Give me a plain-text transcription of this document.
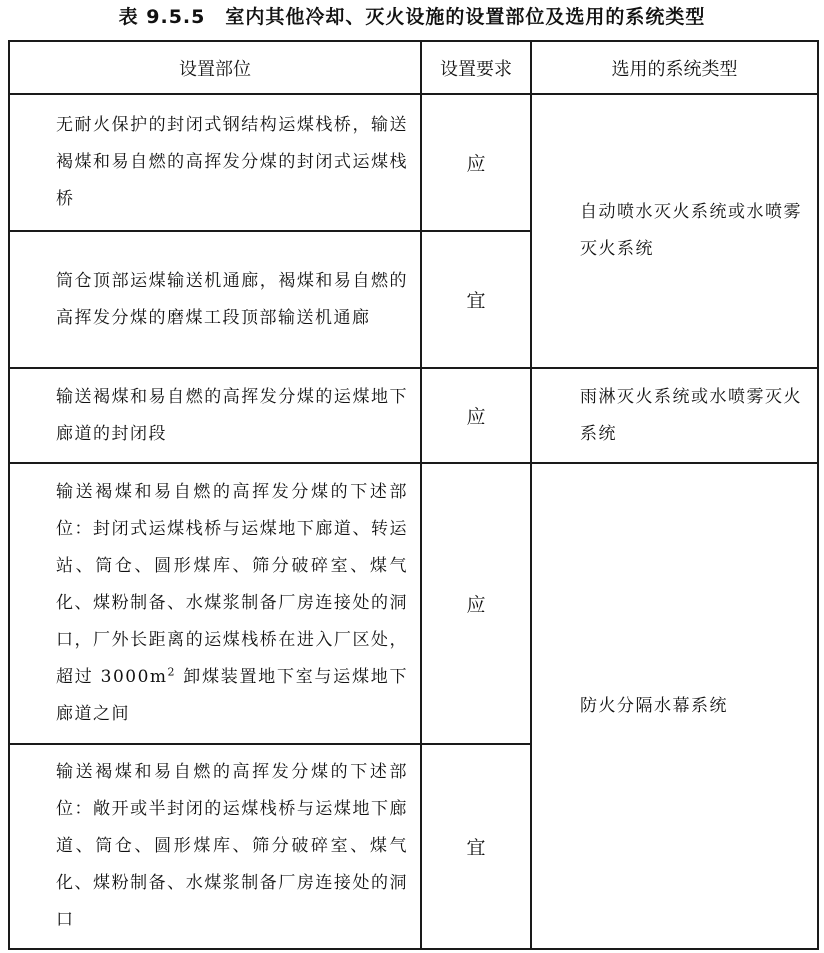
表 9.5.5　室内其他冷却、灭火设施的设置部位及选用的系统类型
设置部位	设置要求	选用的系统类型

无耐火保护的封闭式钢结构运煤栈桥，输送褐煤和易自燃的高挥发分煤的封闭式运煤栈桥	应	自动喷水灭火系统或水喷雾灭火系统

筒仓顶部运煤输送机通廊，褐煤和易自燃的高挥发分煤的磨煤工段顶部输送机通廊	宜	

输送褐煤和易自燃的高挥发分煤的运煤地下廊道的封闭段	应	雨淋灭火系统或水喷雾灭火系统

输送褐煤和易自燃的高挥发分煤的下述部位：封闭式运煤栈桥与运煤地下廊道、转运站、筒仓、圆形煤库、筛分破碎室、煤气化、煤粉制备、水煤浆制备厂房连接处的洞口，厂外长距离的运煤栈桥在进入厂区处，超过 $3000m^2$ 卸煤装置地下室与运煤地下廊道之间	应	防火分隔水幕系统

输送褐煤和易自燃的高挥发分煤的下述部位：敞开或半封闭的运煤栈桥与运煤地下廊道、筒仓、圆形煤库、筛分破碎室、煤气化、煤粉制备、水煤浆制备厂房连接处的洞口	宜	
